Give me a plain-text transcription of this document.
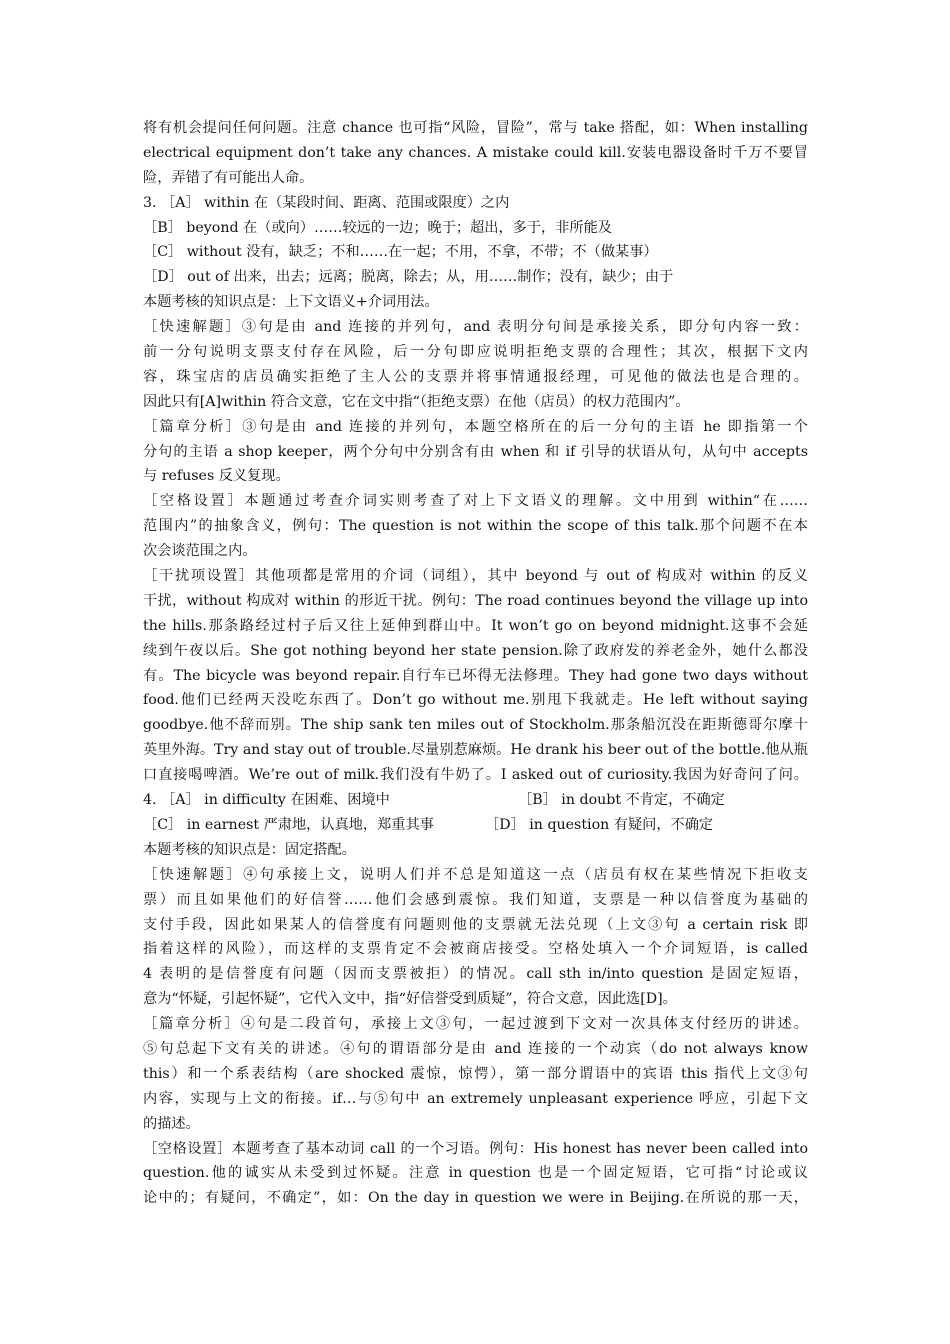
将有机会提问任何问题。注意 chance 也可指“风险，冒险”，常与 take 搭配，如：When installing
electrical equipment don’t take any chances. A mistake could kill.安装电器设备时千万不要冒
险，弄错了有可能出人命。
3. ［A］ within 在（某段时间、距离、范围或限度）之内
［B］ beyond 在（或向）……较远的一边；晚于；超出，多于，非所能及
［C］ without 没有，缺乏；不和……在一起；不用，不拿，不带；不（做某事）
［D］ out of 出来，出去；远离；脱离，除去；从，用……制作；没有，缺少；由于
本题考核的知识点是：上下文语义+介词用法。
［快速解题］③句是由 and 连接的并列句，and 表明分句间是承接关系，即分句内容一致：
前一分句说明支票支付存在风险，后一分句即应说明拒绝支票的合理性；其次，根据下文内
容，珠宝店的店员确实拒绝了主人公的支票并将事情通报经理，可见他的做法也是合理的。
因此只有[A]within 符合文意，它在文中指“（拒绝支票）在他（店员）的权力范围内”。
［篇章分析］③句是由 and 连接的并列句，本题空格所在的后一分句的主语 he 即指第一个
分句的主语 a shop keeper，两个分句中分别含有由 when 和 if 引导的状语从句，从句中 accepts
与 refuses 反义复现。
［空格设置］本题通过考查介词实则考查了对上下文语义的理解。文中用到 within“在……
范围内”的抽象含义，例句：The question is not within the scope of this talk.那个问题不在本
次会谈范围之内。
［干扰项设置］其他项都是常用的介词（词组），其中 beyond 与 out of 构成对 within 的反义
干扰，without 构成对 within 的形近干扰。例句：The road continues beyond the village up into
the hills.那条路经过村子后又往上延伸到群山中。It won’t go on beyond midnight.这事不会延
续到午夜以后。She got nothing beyond her state pension.除了政府发的养老金外，她什么都没
有。The bicycle was beyond repair.自行车已坏得无法修理。They had gone two days without
food.他们已经两天没吃东西了。Don’t go without me.别甩下我就走。He left without saying
goodbye.他不辞而别。The ship sank ten miles out of Stockholm.那条船沉没在距斯德哥尔摩十
英里外海。Try and stay out of trouble.尽量别惹麻烦。He drank his beer out of the bottle.他从瓶
口直接喝啤酒。We’re out of milk.我们没有牛奶了。I asked out of curiosity.我因为好奇问了问。
4. ［A］ in difficulty 在困难、困境中	［B］ in doubt 不肯定，不确定
［C］ in earnest 严肃地，认真地，郑重其事	［D］ in question 有疑问，不确定
本题考核的知识点是：固定搭配。
［快速解题］④句承接上文，说明人们并不总是知道这一点（店员有权在某些情况下拒收支
票）而且如果他们的好信誉……他们会感到震惊。我们知道，支票是一种以信誉度为基础的
支付手段，因此如果某人的信誉度有问题则他的支票就无法兑现（上文③句 a certain risk 即
指着这样的风险），而这样的支票肯定不会被商店接受。空格处填入一个介词短语，is called
4 表明的是信誉度有问题（因而支票被拒）的情况。call sth in/into question 是固定短语，
意为“怀疑，引起怀疑”，它代入文中，指“好信誉受到质疑”，符合文意，因此选[D]。
［篇章分析］④句是二段首句，承接上文③句，一起过渡到下文对一次具体支付经历的讲述。
⑤句总起下文有关的讲述。④句的谓语部分是由 and 连接的一个动宾（do not always know
this）和一个系表结构（are shocked 震惊，惊愕），第一部分谓语中的宾语 this 指代上文③句
内容，实现与上文的衔接。if…与⑤句中 an extremely unpleasant experience 呼应，引起下文
的描述。
［空格设置］本题考查了基本动词 call 的一个习语。例句：His honest has never been called into
question.他的诚实从未受到过怀疑。注意 in question 也是一个固定短语，它可指“讨论或议
论中的；有疑问，不确定”，如：On the day in question we were in Beijing.在所说的那一天，
